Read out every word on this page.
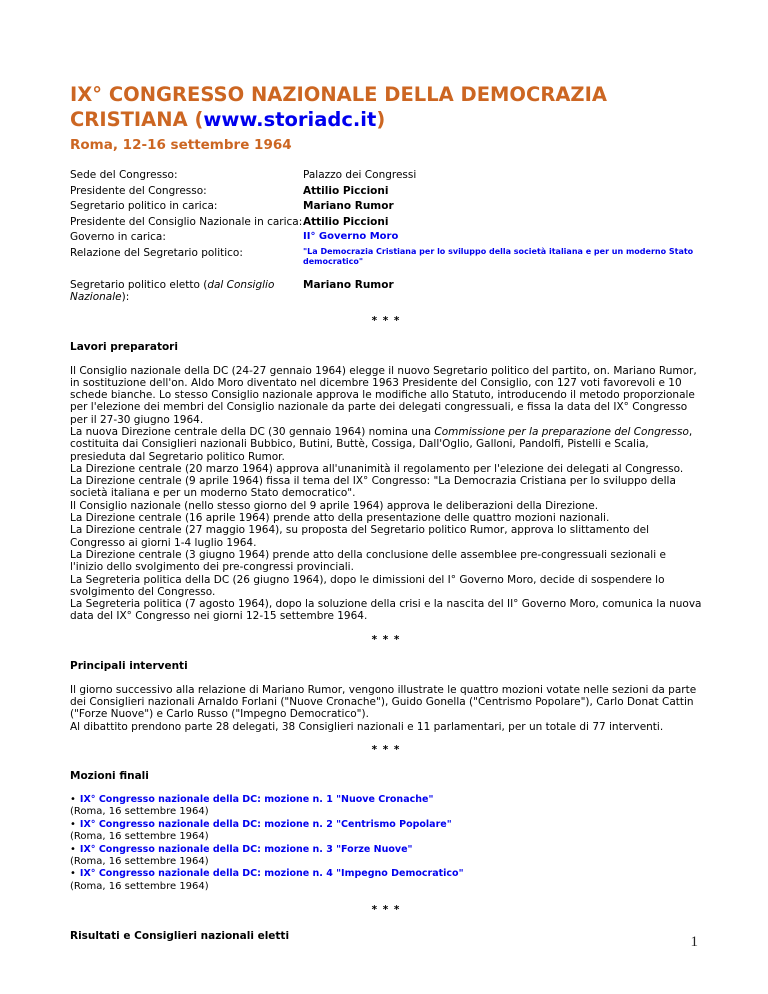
IX° CONGRESSO NAZIONALE DELLA DEMOCRAZIA CRISTIANA (www.storiadc.it)
Roma, 12-16 settembre 1964
Sede del Congresso:	Palazzo dei Congressi
Presidente del Congresso:	Attilio Piccioni
Segretario politico in carica:	Mariano Rumor
Presidente del Consiglio Nazionale in carica: Attilio Piccioni
Governo in carica:	II° Governo Moro
Relazione del Segretario politico:	"La Democrazia Cristiana per lo sviluppo della società italiana e per un moderno Stato democratico"
Segretario politico eletto (dal Consiglio Nazionale):
Mariano Rumor
* * *
Lavori preparatori
Il Consiglio nazionale della DC (24-27 gennaio 1964) elegge il nuovo Segretario politico del partito, on. Mariano Rumor, in sostituzione dell'on. Aldo Moro diventato nel dicembre 1963 Presidente del Consiglio, con 127 voti favorevoli e 10 schede bianche. Lo stesso Consiglio nazionale approva le modifiche allo Statuto, introducendo il metodo proporzionale per l'elezione dei membri del Consiglio nazionale da parte dei delegati congressuali, e fissa la data del IX° Congresso per il 27-30 giugno 1964.
La nuova Direzione centrale della DC (30 gennaio 1964) nomina una Commissione per la preparazione del Congresso, costituita dai Consiglieri nazionali Bubbico, Butini, Buttè, Cossiga, Dall'Oglio, Galloni, Pandolfi, Pistelli e Scalia, presieduta dal Segretario politico Rumor.
La Direzione centrale (20 marzo 1964) approva all'unanimità il regolamento per l'elezione dei delegati al Congresso.
La Direzione centrale (9 aprile 1964) fissa il tema del IX° Congresso: "La Democrazia Cristiana per lo sviluppo della società italiana e per un moderno Stato democratico".
Il Consiglio nazionale (nello stesso giorno del 9 aprile 1964) approva le deliberazioni della Direzione.
La Direzione centrale (16 aprile 1964) prende atto della presentazione delle quattro mozioni nazionali.
La Direzione centrale (27 maggio 1964), su proposta del Segretario politico Rumor, approva lo slittamento del Congresso ai giorni 1-4 luglio 1964.
La Direzione centrale (3 giugno 1964) prende atto della conclusione delle assemblee pre-congressuali sezionali e l'inizio dello svolgimento dei pre-congressi provinciali.
La Segreteria politica della DC (26 giugno 1964), dopo le dimissioni del I° Governo Moro, decide di sospendere lo svolgimento del Congresso.
La Segreteria politica (7 agosto 1964), dopo la soluzione della crisi e la nascita del II° Governo Moro, comunica la nuova data del IX° Congresso nei giorni 12-15 settembre 1964.
* * *
Principali interventi
Il giorno successivo alla relazione di Mariano Rumor, vengono illustrate le quattro mozioni votate nelle sezioni da parte dei Consiglieri nazionali Arnaldo Forlani ("Nuove Cronache"), Guido Gonella ("Centrismo Popolare"), Carlo Donat Cattin ("Forze Nuove") e Carlo Russo ("Impegno Democratico").
Al dibattito prendono parte 28 delegati, 38 Consiglieri nazionali e 11 parlamentari, per un totale di 77 interventi.
* * *
Mozioni finali
• IX° Congresso nazionale della DC: mozione n. 1 "Nuove Cronache"
(Roma, 16 settembre 1964)
• IX° Congresso nazionale della DC: mozione n. 2 "Centrismo Popolare"
(Roma, 16 settembre 1964)
• IX° Congresso nazionale della DC: mozione n. 3 "Forze Nuove"
(Roma, 16 settembre 1964)
• IX° Congresso nazionale della DC: mozione n. 4 "Impegno Democratico"
(Roma, 16 settembre 1964)
* * *
Risultati e Consiglieri nazionali eletti	1
